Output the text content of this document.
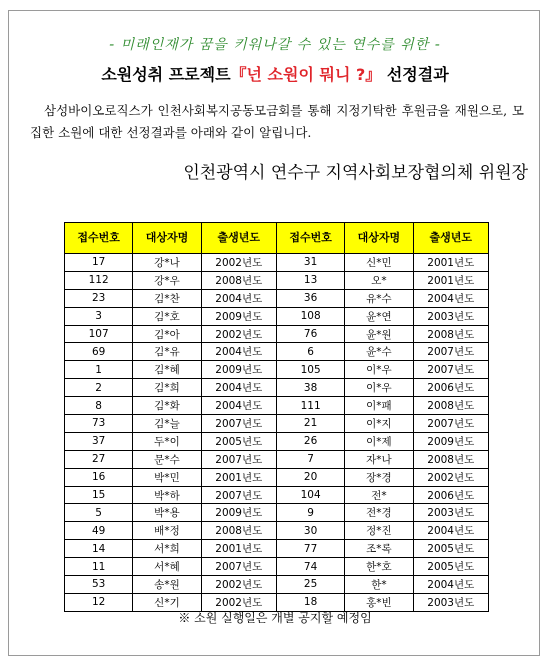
- 미래인재가 꿈을 키워나갈 수 있는 연수를 위한 -
소원성취 프로젝트『넌 소원이 뭐니 ?』 선정결과
삼성바이오로직스가 인천사회복지공동모금회를 통해 지정기탁한 후원금을 재원으로, 모집한 소원에 대한 선정결과를 아래와 같이 알립니다.
인천광역시 연수구 지역사회보장협의체 위원장
접수번호	대상자명	출생년도	접수번호	대상자명	출생년도
17	강*나	2002년도	31	신*민	2001년도
112	강*우	2008년도	13	오*	2001년도
23	김*찬	2004년도	36	유*수	2004년도
3	김*호	2009년도	108	윤*연	2003년도
107	김*아	2002년도	76	윤*원	2008년도
69	김*유	2004년도	6	윤*수	2007년도
1	김*혜	2009년도	105	이*우	2007년도
2	김*희	2004년도	38	이*우	2006년도
8	김*화	2004년도	111	이*패	2008년도
73	김*늘	2007년도	21	이*지	2007년도
37	두*이	2005년도	26	이*제	2009년도
27	문*수	2007년도	7	자*나	2008년도
16	박*민	2001년도	20	장*경	2002년도
15	박*하	2007년도	104	전*	2006년도
5	박*용	2009년도	9	전*경	2003년도
49	배*정	2008년도	30	정*진	2004년도
14	서*희	2001년도	77	조*록	2005년도
11	서*혜	2007년도	74	한*호	2005년도
53	송*원	2002년도	25	한*	2004년도
12	신*기	2002년도	18	홍*빈	2003년도
※ 소원 실행일은 개별 공지할 예정임
